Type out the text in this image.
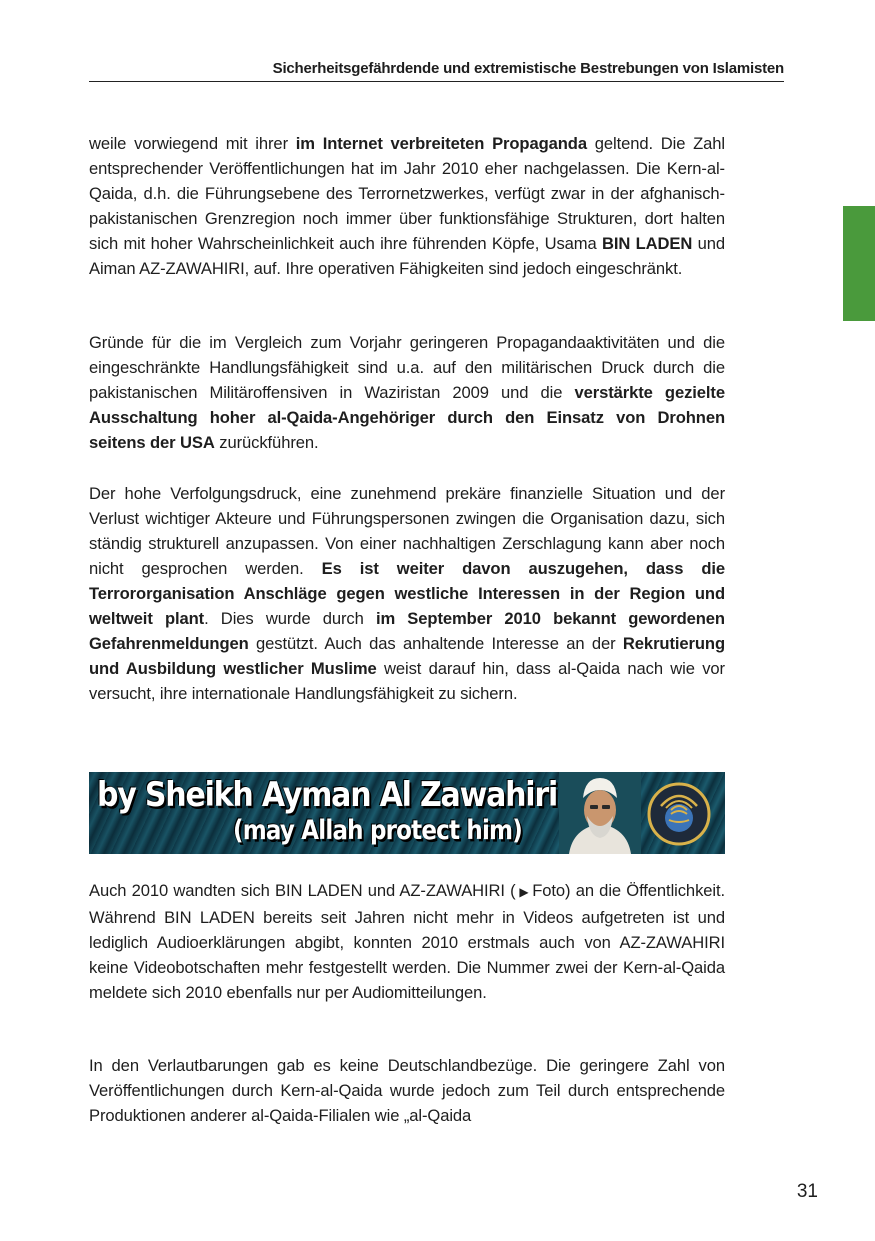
Sicherheitsgefährdende und extremistische Bestrebungen von Islamisten

weile vorwiegend mit ihrer im Internet verbreiteten Propaganda geltend. Die Zahl entsprechender Veröffentlichungen hat im Jahr 2010 eher nachgelassen. Die Kern-al-Qaida, d.h. die Führungsebene des Terrornetzwerkes, verfügt zwar in der afghanisch-pakistanischen Grenzregion noch immer über funktionsfähige Strukturen, dort halten sich mit hoher Wahrscheinlichkeit auch ihre führenden Köpfe, Usama BIN LADEN und Aiman AZ-ZAWAHIRI, auf. Ihre operativen Fähigkeiten sind jedoch eingeschränkt.

Gründe für die im Vergleich zum Vorjahr geringeren Propagandaaktivitäten und die eingeschränkte Handlungsfähigkeit sind u.a. auf den militärischen Druck durch die pakistanischen Militäroffensiven in Waziristan 2009 und die verstärkte gezielte Ausschaltung hoher al-Qaida-Angehöriger durch den Einsatz von Drohnen seitens der USA zurückführen.

Der hohe Verfolgungsdruck, eine zunehmend prekäre finanzielle Situation und der Verlust wichtiger Akteure und Führungspersonen zwingen die Organisation dazu, sich ständig strukturell anzupassen. Von einer nachhaltigen Zerschlagung kann aber noch nicht gesprochen werden. Es ist weiter davon auszugehen, dass die Terrororganisation Anschläge gegen westliche Interessen in der Region und weltweit plant. Dies wurde durch im September 2010 bekannt gewordenen Gefahrenmeldungen gestützt. Auch das anhaltende Interesse an der Rekrutierung und Ausbildung westlicher Muslime weist darauf hin, dass al-Qaida nach wie vor versucht, ihre internationale Handlungsfähigkeit zu sichern.

by Sheikh Ayman Al Zawahiri
(may Allah protect him)

Auch 2010 wandten sich BIN LADEN und AZ-ZAWAHIRI ( ▶ Foto) an die Öffentlichkeit. Während BIN LADEN bereits seit Jahren nicht mehr in Videos aufgetreten ist und lediglich Audioerklärungen abgibt, konnten 2010 erstmals auch von AZ-ZAWAHIRI keine Videobotschaften mehr festgestellt werden. Die Nummer zwei der Kern-al-Qaida meldete sich 2010 ebenfalls nur per Audiomitteilungen.

In den Verlautbarungen gab es keine Deutschlandbezüge. Die geringere Zahl von Veröffentlichungen durch Kern-al-Qaida wurde jedoch zum Teil durch entsprechende Produktionen anderer al-Qaida-Filialen wie „al-Qaida

31
